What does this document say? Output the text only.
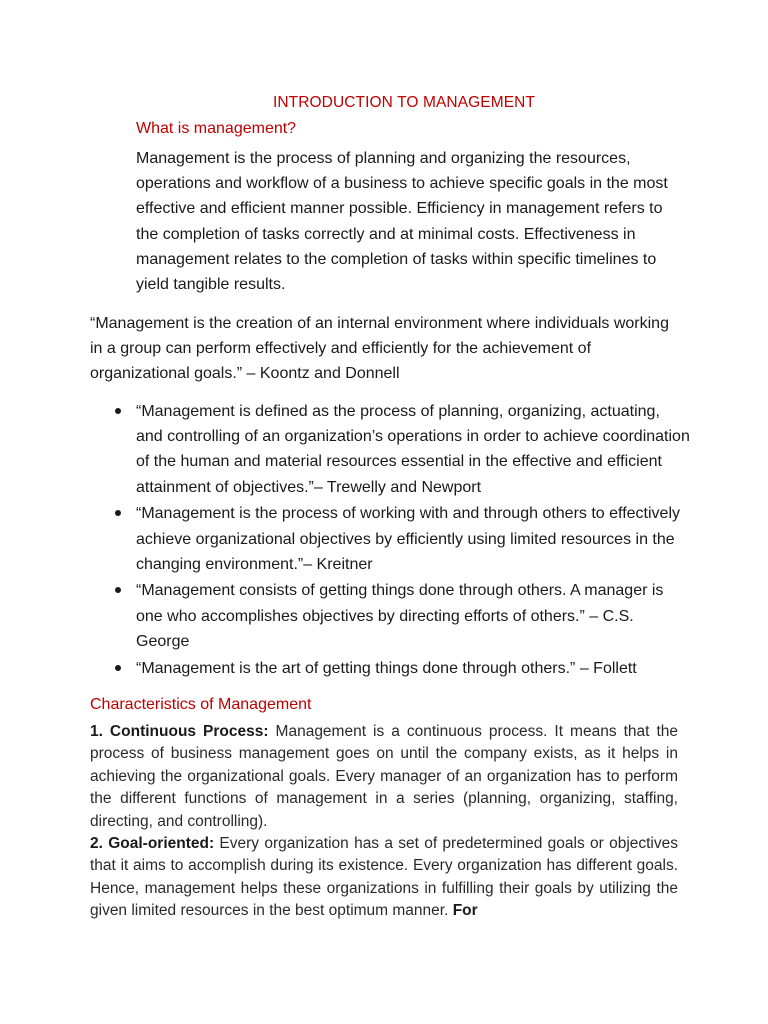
INTRODUCTION TO MANAGEMENT
What is management?
Management is the process of planning and organizing the resources, operations and workflow of a business to achieve specific goals in the most effective and efficient manner possible. Efficiency in management refers to the completion of tasks correctly and at minimal costs. Effectiveness in management relates to the completion of tasks within specific timelines to yield tangible results.
“Management is the creation of an internal environment where individuals working in a group can perform effectively and efficiently for the achievement of organizational goals.” – Koontz and Donnell
“Management is defined as the process of planning, organizing, actuating, and controlling of an organization’s operations in order to achieve coordination of the human and material resources essential in the effective and efficient attainment of objectives.”– Trewelly and Newport
“Management is the process of working with and through others to effectively achieve organizational objectives by efficiently using limited resources in the changing environment.”– Kreitner
“Management consists of getting things done through others. A manager is one who accomplishes objectives by directing efforts of others.” – C.S. George
“Management is the art of getting things done through others.” – Follett
Characteristics of Management

1. Continuous Process: Management is a continuous process. It means that the process of business management goes on until the company exists, as it helps in achieving the organizational goals. Every manager of an organization has to perform the different functions of management in a series (planning, organizing, staffing, directing, and controlling).

2. Goal-oriented: Every organization has a set of predetermined goals or objectives that it aims to accomplish during its existence. Every organization has different goals. Hence, management helps these organizations in fulfilling their goals by utilizing the given limited resources in the best optimum manner. For
